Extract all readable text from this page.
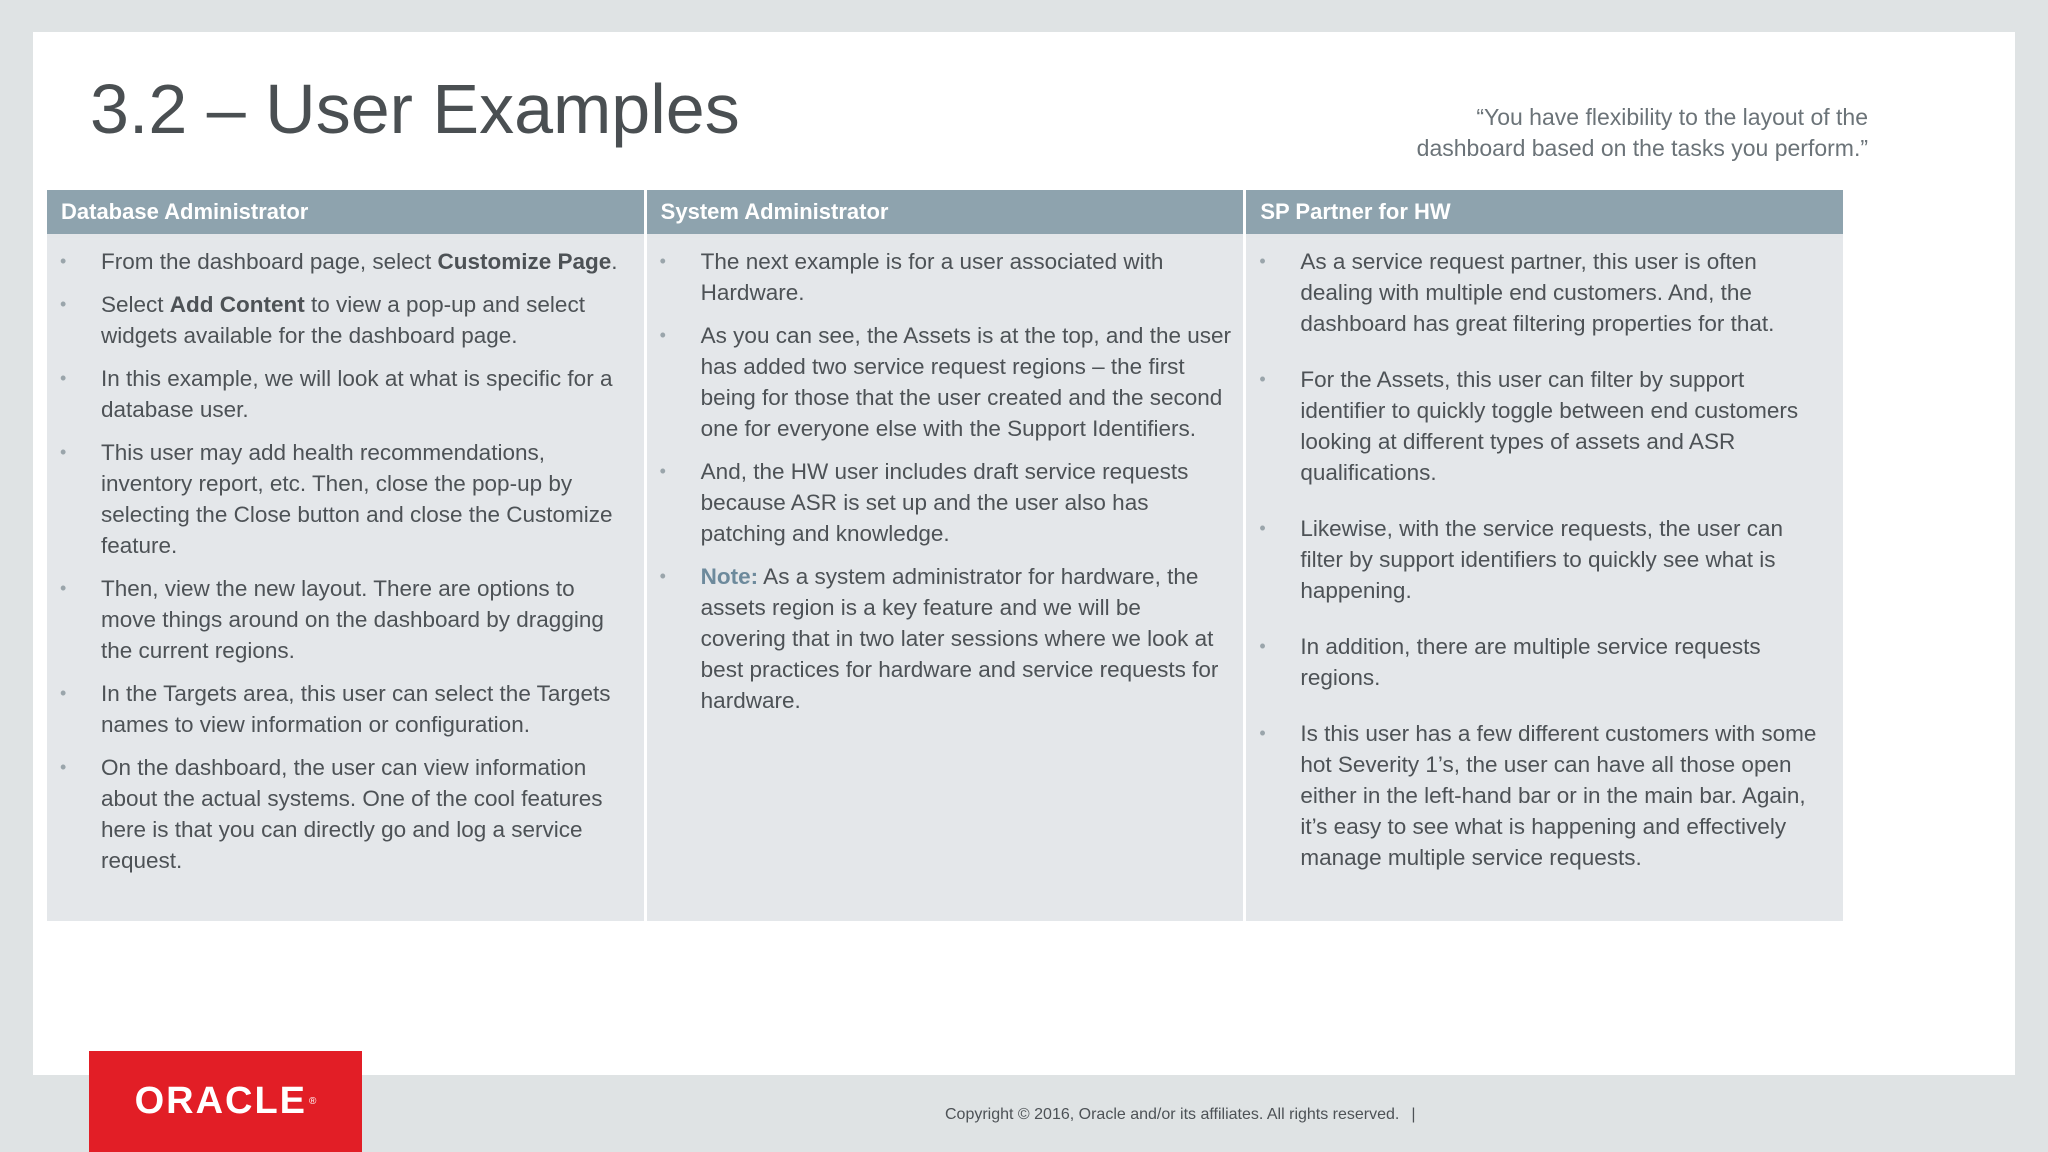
3.2 – User Examples	“You have flexibility to the layout of the dashboard based on the tasks you perform.”
Database Administrator
• From the dashboard page, select Customize Page.
• Select Add Content to view a pop-up and select widgets available for the dashboard page.
• In this example, we will look at what is specific for a database user.
• This user may add health recommendations, inventory report, etc. Then, close the pop-up by selecting the Close button and close the Customize feature.
• Then, view the new layout. There are options to move things around on the dashboard by dragging the current regions.
• In the Targets area, this user can select the Targets names to view information or configuration.
• On the dashboard, the user can view information about the actual systems. One of the cool features here is that you can directly go and log a service request.
System Administrator
• The next example is for a user associated with Hardware.
• As you can see, the Assets is at the top, and the user has added two service request regions – the first being for those that the user created and the second one for everyone else with the Support Identifiers.
• And, the HW user includes draft service requests because ASR is set up and the user also has patching and knowledge.
• Note: As a system administrator for hardware, the assets region is a key feature and we will be covering that in two later sessions where we look at best practices for hardware and service requests for hardware.
SP Partner for HW
• As a service request partner, this user is often dealing with multiple end customers. And, the dashboard has great filtering properties for that.
• For the Assets, this user can filter by support identifier to quickly toggle between end customers looking at different types of assets and ASR qualifications.
• Likewise, with the service requests, the user can filter by support identifiers to quickly see what is happening.
• In addition, there are multiple service requests regions.
• Is this user has a few different customers with some hot Severity 1’s, the user can have all those open either in the left-hand bar or in the main bar. Again, it’s easy to see what is happening and effectively manage multiple service requests.
ORACLE ®
Copyright © 2016, Oracle and/or its affiliates. All rights reserved. |
